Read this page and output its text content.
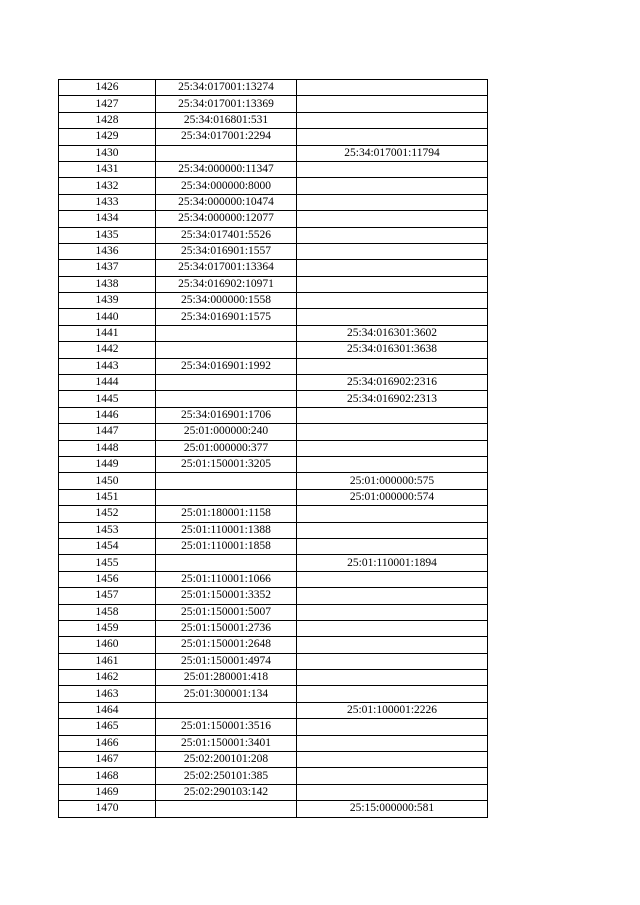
1426	25:34:017001:13274	
1427	25:34:017001:13369	
1428	25:34:016801:531	
1429	25:34:017001:2294	
1430		25:34:017001:11794
1431	25:34:000000:11347	
1432	25:34:000000:8000	
1433	25:34:000000:10474	
1434	25:34:000000:12077	
1435	25:34:017401:5526	
1436	25:34:016901:1557	
1437	25:34:017001:13364	
1438	25:34:016902:10971	
1439	25:34:000000:1558	
1440	25:34:016901:1575	
1441		25:34:016301:3602
1442		25:34:016301:3638
1443	25:34:016901:1992	
1444		25:34:016902:2316
1445		25:34:016902:2313
1446	25:34:016901:1706	
1447	25:01:000000:240	
1448	25:01:000000:377	
1449	25:01:150001:3205	
1450		25:01:000000:575
1451		25:01:000000:574
1452	25:01:180001:1158	
1453	25:01:110001:1388	
1454	25:01:110001:1858	
1455		25:01:110001:1894
1456	25:01:110001:1066	
1457	25:01:150001:3352	
1458	25:01:150001:5007	
1459	25:01:150001:2736	
1460	25:01:150001:2648	
1461	25:01:150001:4974	
1462	25:01:280001:418	
1463	25:01:300001:134	
1464		25:01:100001:2226
1465	25:01:150001:3516	
1466	25:01:150001:3401	
1467	25:02:200101:208	
1468	25:02:250101:385	
1469	25:02:290103:142	
1470		25:15:000000:581
